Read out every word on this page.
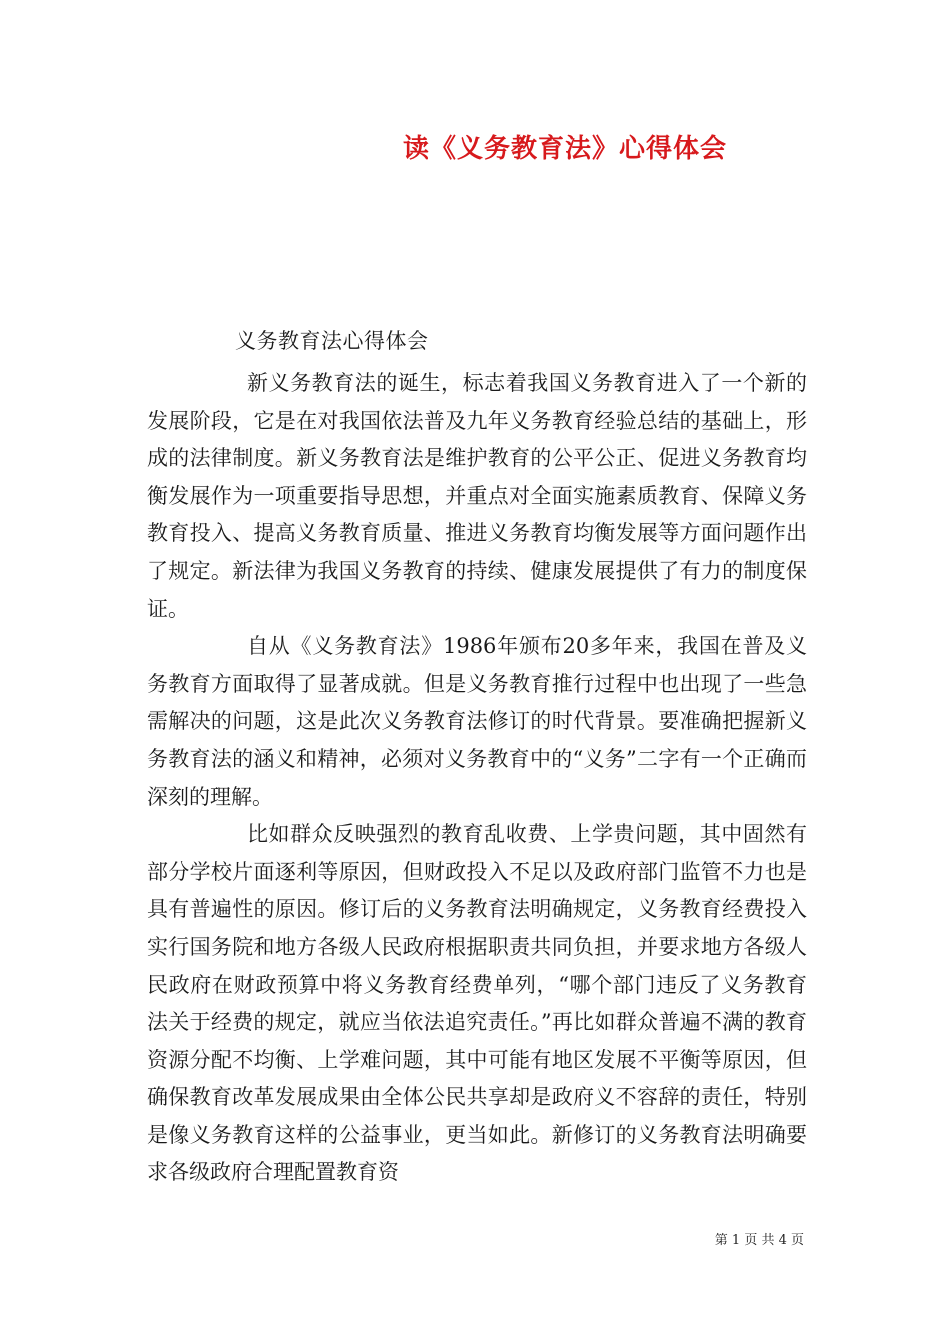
读《义务教育法》心得体会

义务教育法心得体会

新义务教育法的诞生，标志着我国义务教育进入了一个新的发展阶段，它是在对我国依法普及九年义务教育经验总结的基础上，形成的法律制度。新义务教育法是维护教育的公平公正、促进义务教育均衡发展作为一项重要指导思想，并重点对全面实施素质教育、保障义务教育投入、提高义务教育质量、推进义务教育均衡发展等方面问题作出了规定。新法律为我国义务教育的持续、健康发展提供了有力的制度保证。

自从《义务教育法》1986年颁布20多年来，我国在普及义务教育方面取得了显著成就。但是义务教育推行过程中也出现了一些急需解决的问题，这是此次义务教育法修订的时代背景。要准确把握新义务教育法的涵义和精神，必须对义务教育中的“义务”二字有一个正确而深刻的理解。

比如群众反映强烈的教育乱收费、上学贵问题，其中固然有部分学校片面逐利等原因，但财政投入不足以及政府部门监管不力也是具有普遍性的原因。修订后的义务教育法明确规定，义务教育经费投入实行国务院和地方各级人民政府根据职责共同负担，并要求地方各级人民政府在财政预算中将义务教育经费单列，“哪个部门违反了义务教育法关于经费的规定，就应当依法追究责任。”再比如群众普遍不满的教育资源分配不均衡、上学难问题，其中可能有地区发展不平衡等原因，但确保教育改革发展成果由全体公民共享却是政府义不容辞的责任，特别是像义务教育这样的公益事业，更当如此。新修订的义务教育法明确要求各级政府合理配置教育资

第 1 页 共 4 页
